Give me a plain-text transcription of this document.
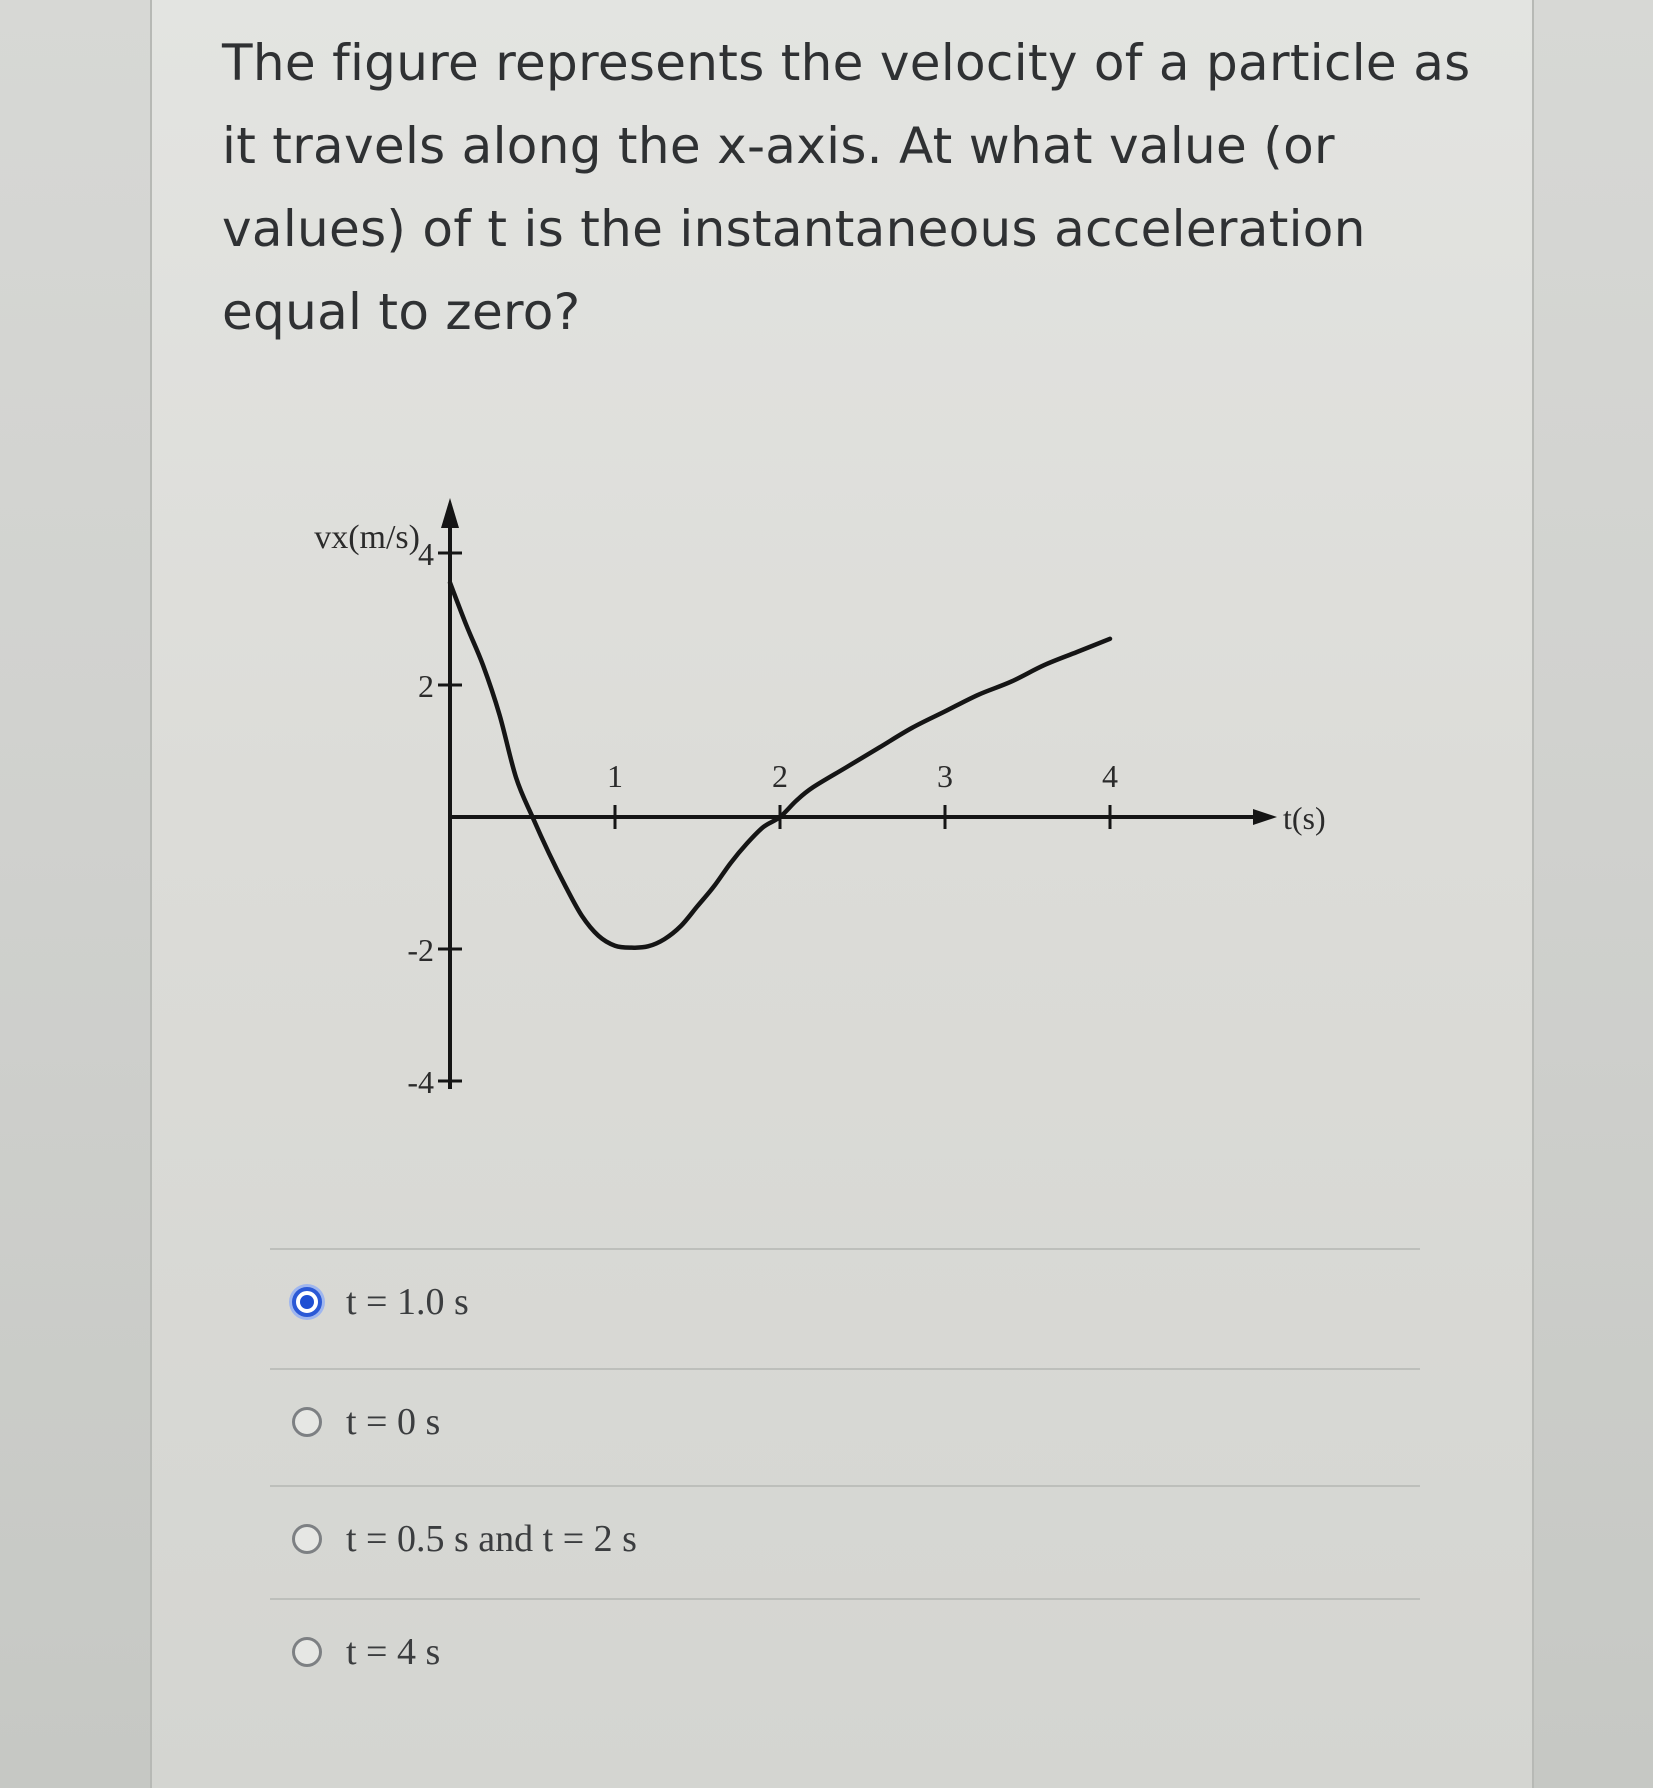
The figure represents the velocity of a particle as it travels along the x-axis. At what value (or values) of t is the instantaneous acceleration equal to zero?

1	2	3	4
4
2
-2
-4
vx(m/s)
t(s)
t = 1.0 s
t = 0 s
t = 0.5 s and t = 2 s
t = 4 s
